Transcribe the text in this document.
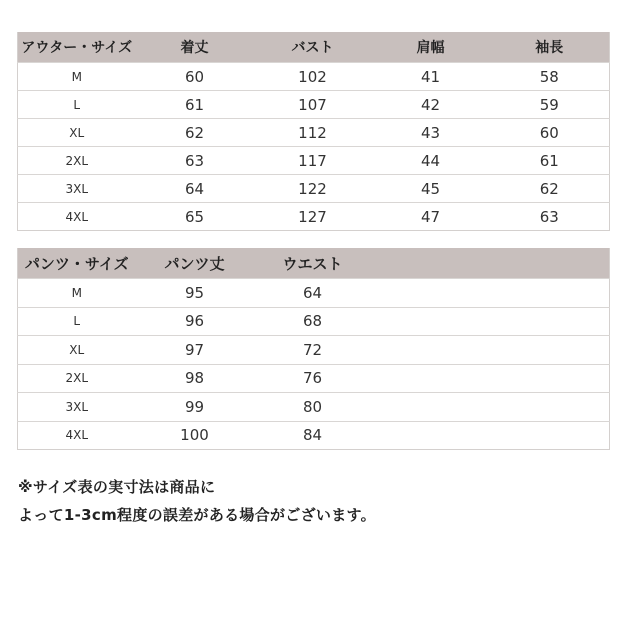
アウター・サイズ	着丈	バスト	肩幅	袖長
M	60	102	41	58
L	61	107	42	59
XL	62	112	43	60
2XL	63	117	44	61
3XL	64	122	45	62
4XL	65	127	47	63
パンツ・サイズ	パンツ丈	ウエスト		
M	95	64		
L	96	68		
XL	97	72		
2XL	98	76		
3XL	99	80		
4XL	100	84		
※サイズ表の実寸法は商品に
よって1-3cm程度の誤差がある場合がございます。
